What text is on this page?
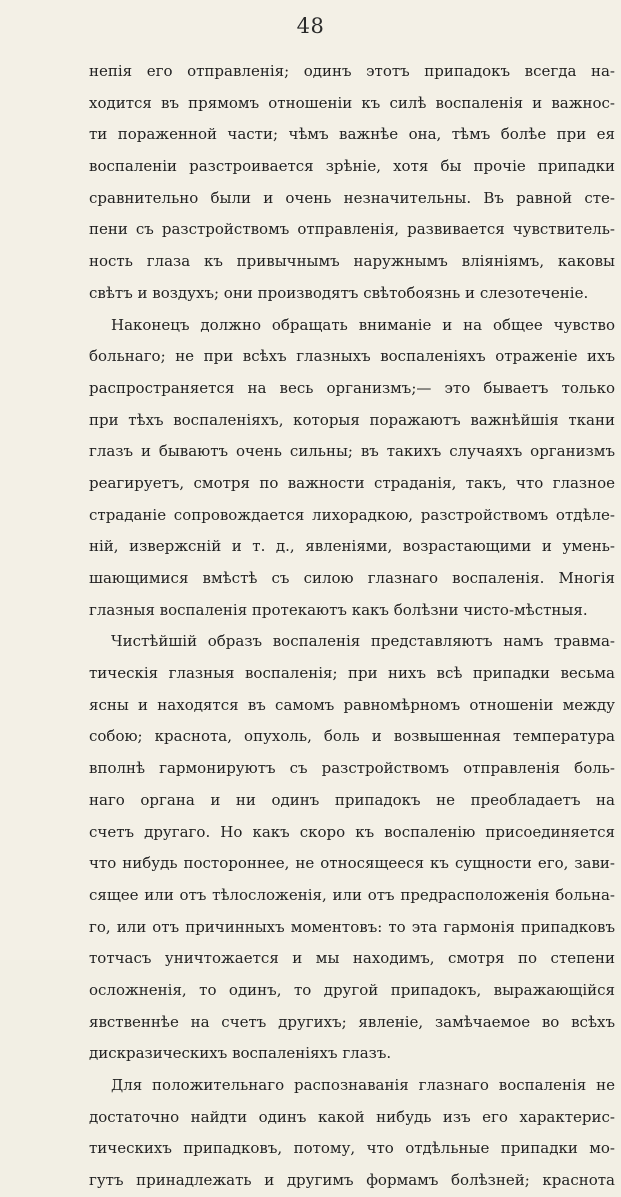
48
непія его отправленія; одинъ этотъ припадокъ всегда на-
ходится въ прямомъ отношеніи къ силѣ воспаленія и важнос-
ти пораженной части; чѣмъ важнѣе она, тѣмъ болѣе при ея
воспаленіи разстроивается зрѣніе, хотя бы прочіе припадки
сравнительно были и очень незначительны. Въ равной сте-
пени съ разстройствомъ отправленія, развивается чувствитель-
ность глаза къ привычнымъ наружнымъ вліяніямъ, каковы
свѣтъ и воздухъ; они производятъ свѣтобоязнь и слезотеченіе.
Наконецъ должно обращать вниманіе и на общее чувство
больнаго; не при всѣхъ глазныхъ воспаленіяхъ отраженіе ихъ
распространяется на весь организмъ;— это бываетъ только
при тѣхъ воспаленіяхъ, которыя поражаютъ важнѣйшія ткани
глазъ и бываютъ очень сильны; въ такихъ случаяхъ организмъ
реагируетъ, смотря по важности страданія, такъ, что глазное
страданіе сопровождается лихорадкою, разстройствомъ отдѣле-
ній, извержсній и т. д., явленіями, возрастающими и умень-
шающимися вмѣстѣ съ силою глазнаго воспаленія. Многія
глазныя воспаленія протекаютъ какъ болѣзни чисто-мѣстныя.
Чистѣйшій образъ воспаленія представляютъ намъ травма-
тическія глазныя воспаленія; при нихъ всѣ припадки весьма
ясны и находятся въ самомъ равномѣрномъ отношеніи между
собою; краснота, опухоль, боль и возвышенная температура
вполнѣ гармонируютъ съ разстройствомъ отправленія боль-
наго органа и ни одинъ припадокъ не преобладаетъ на
счетъ другаго. Но какъ скоро къ воспаленію присоединяется
что нибудь постороннее, не относящееся къ сущности его, зави-
сящее или отъ тѣлосложенія, или отъ предрасположенія больна-
го, или отъ причинныхъ моментовъ: то эта гармонія припадковъ
тотчасъ уничтожается и мы находимъ, смотря по степени
осложненія, то одинъ, то другой припадокъ, выражающійся
явственнѣе на счетъ другихъ; явленіе, замѣчаемое во всѣхъ
дискразическихъ воспаленіяхъ глазъ.
Для положительнаго распознаванія глазнаго воспаленія не
достаточно найдти одинъ какой нибудь изъ его характерис-
тическихъ припадковъ, потому, что отдѣльные припадки мо-
гутъ принадлежать и другимъ формамъ болѣзней; краснота
